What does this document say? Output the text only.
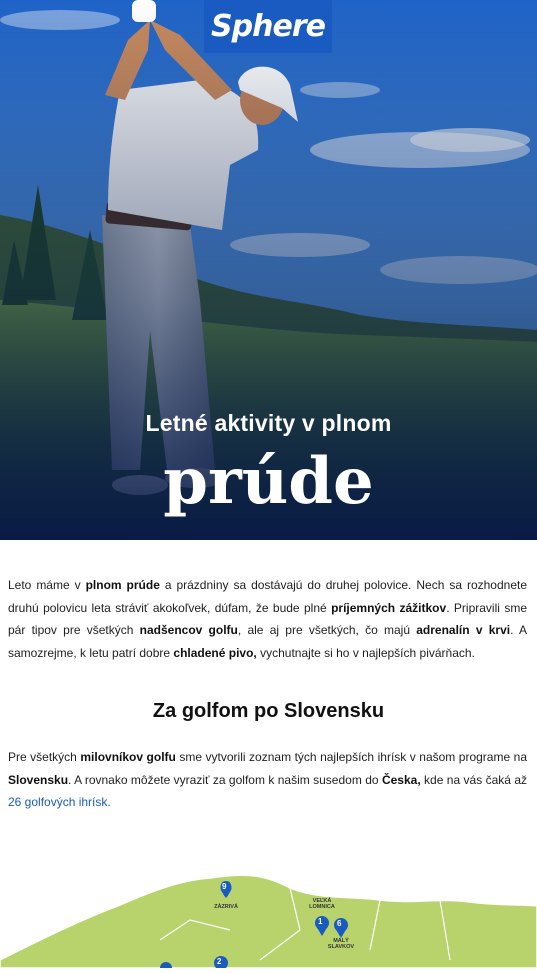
Sphere
Letné aktivity v plnom
prúde

Leto máme v plnom prúde a prázdniny sa dostávajú do druhej polovice. Nech sa rozhodnete druhú polovicu leta stráviť akokoľvek, dúfam, že bude plné príjemných zážitkov. Pripravili sme pár tipov pre všetkých nadšencov golfu, ale aj pre všetkých, čo majú adrenalín v krvi. A samozrejme, k letu patrí dobre chladené pivo, vychutnajte si ho v najlepších pivárňach.

Za golfom po Slovensku

Pre všetkých milovníkov golfu sme vytvorili zoznam tých najlepších ihrísk v našom programe na Slovensku. A rovnako môžete vyraziť za golfom k našim susedom do Česka, kde na vás čaká až 26 golfových ihrísk.

9
ZÁZRIVÁ
1
VEĽKÁ LOMNICA
6
MALÝ SLAVKOV
2
